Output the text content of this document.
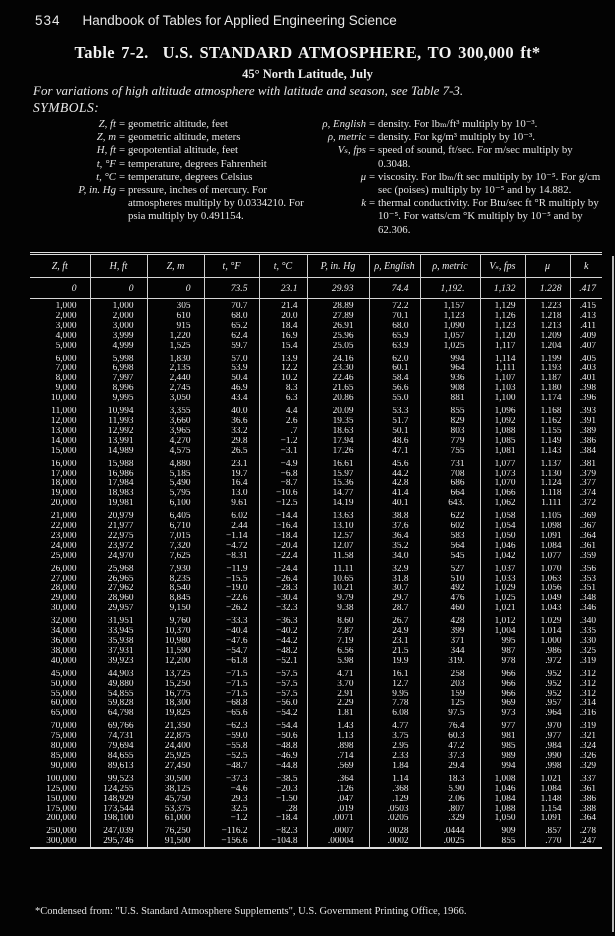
534 Handbook of Tables for Applied Engineering Science
Table 7-2. U.S. STANDARD ATMOSPHERE, TO 300,000 ft*
45° North Latitude, July
For variations of high altitude atmosphere with latitude and season, see Table 7-3.
SYMBOLS:
Z, ft = geometric altitude, feet
Z, m = geometric altitude, meters
H, ft = geopotential altitude, feet
t, °F = temperature, degrees Fahrenheit
t, °C = temperature, degrees Celsius
P, in. Hg = pressure, inches of mercury. For atmospheres multiply by 0.0334210. For psia multiply by 0.491154.
ρ, English = density. For lbₘ/ft³ multiply by 10⁻³.
ρ, metric = density. For kg/m³ multiply by 10⁻³.
Vₛ, fps = speed of sound, ft/sec. For m/sec multiply by 0.3048.
μ = viscosity. For lbₘ/ft sec multiply by 10⁻⁵. For g/cm sec (poises) multiply by 10⁻⁵ and by 14.882.
k = thermal conductivity. For Btu/sec ft °R multiply by 10⁻⁵. For watts/cm °K multiply by 10⁻⁵ and by 62.306.
Z, ft	H, ft	Z, m	t, °F	t, °C	P, in. Hg	ρ, English	ρ, metric	Vₛ, fps	μ	k
0	0	0	73.5	23.1	29.93	74.4	1,192.	1,132	1.228	.417

1,000	1,000	305	70.7	21.4	28.89	72.2	1,157	1,129	1.223	.415
2,000	2,000	610	68.0	20.0	27.89	70.1	1,123	1,126	1.218	.413
3,000	3,000	915	65.2	18.4	26.91	68.0	1,090	1,123	1.213	.411
4,000	3,999	1,220	62.4	16.9	25.96	65.9	1,057	1,120	1.209	.409
5,000	4,999	1,525	59.7	15.4	25.05	63.9	1,025	1,117	1.204	.407

6,000	5,998	1,830	57.0	13.9	24.16	62.0	994	1,114	1.199	.405
7,000	6,998	2,135	53.9	12.2	23.30	60.1	964	1,111	1.193	.403
8,000	7,997	2,440	50.4	10.2	22.46	58.4	936	1,107	1.187	.401
9,000	8,996	2,745	46.9	8.3	21.65	56.6	908	1,103	1.180	.398
10,000	9,995	3,050	43.4	6.3	20.86	55.0	881	1,100	1.174	.396

11,000	10,994	3,355	40.0	4.4	20.09	53.3	855	1,096	1.168	.393
12,000	11,993	3,660	36.6	2.6	19.35	51.7	829	1,092	1.162	.391
13,000	12,992	3,965	33.2	.7	18.63	50.1	803	1,088	1.155	.389
14,000	13,991	4,270	29.8	−1.2	17.94	48.6	779	1,085	1.149	.386
15,000	14,989	4,575	26.5	−3.1	17.26	47.1	755	1,081	1.143	.384

16,000	15,988	4,880	23.1	−4.9	16.61	45.6	731	1,077	1.137	.381
17,000	16,986	5,185	19.7	−6.8	15.97	44.2	708	1,073	1.130	.379
18,000	17,984	5,490	16.4	−8.7	15.36	42.8	686	1,070	1.124	.377
19,000	18,983	5,795	13.0	−10.6	14.77	41.4	664	1,066	1.118	.374
20,000	19,981	6,100	9.61	−12.5	14.19	40.1	643.	1,062	1.111	.372

21,000	20,979	6,405	6.02	−14.4	13.63	38.8	622	1,058	1.105	.369
22,000	21,977	6,710	2.44	−16.4	13.10	37.6	602	1,054	1.098	.367
23,000	22,975	7,015	−1.14	−18.4	12.57	36.4	583	1,050	1.091	.364
24,000	23,972	7,320	−4.72	−20.4	12.07	35.2	564	1,046	1.084	.361
25,000	24,970	7,625	−8.31	−22.4	11.58	34.0	545	1,042	1.077	.359

26,000	25,968	7,930	−11.9	−24.4	11.11	32.9	527	1,037	1.070	.356
27,000	26,965	8,235	−15.5	−26.4	10.65	31.8	510	1,033	1.063	.353
28,000	27,962	8,540	−19.0	−28.3	10.21	30.7	492	1,029	1.056	.351
29,000	28,960	8,845	−22.6	−30.4	9.79	29.7	476	1,025	1.049	.348
30,000	29,957	9,150	−26.2	−32.3	9.38	28.7	460	1,021	1.043	.346

32,000	31,951	9,760	−33.3	−36.3	8.60	26.7	428	1,012	1.029	.340
34,000	33,945	10,370	−40.4	−40.2	7.87	24.9	399	1,004	1.014	.335
36,000	35,938	10,980	−47.6	−44.2	7.19	23.1	371	995	1.000	.330
38,000	37,931	11,590	−54.7	−48.2	6.56	21.5	344	987	.986	.325
40,000	39,923	12,200	−61.8	−52.1	5.98	19.9	319.	978	.972	.319

45,000	44,903	13,725	−71.5	−57.5	4.71	16.1	258	966	.952	.312
50,000	49,880	15,250	−71.5	−57.5	3.70	12.7	203	966	.952	.312
55,000	54,855	16,775	−71.5	−57.5	2.91	9.95	159	966	.952	.312
60,000	59,828	18,300	−68.8	−56.0	2.29	7.78	125	969	.957	.314
65,000	64,798	19,825	−65.6	−54.2	1.81	6.08	97.5	973	.964	.316

70,000	69,766	21,350	−62.3	−54.4	1.43	4.77	76.4	977	.970	.319
75,000	74,731	22,875	−59.0	−50.6	1.13	3.75	60.3	981	.977	.321
80,000	79,694	24,400	−55.8	−48.8	.898	2.95	47.2	985	.984	.324
85,000	84,655	25,925	−52.5	−46.9	.714	2.33	37.3	989	.990	.326
90,000	89,613	27,450	−48.7	−44.8	.569	1.84	29.4	994	.998	.329

100,000	99,523	30,500	−37.3	−38.5	.364	1.14	18.3	1,008	1.021	.337
125,000	124,255	38,125	−4.6	−20.3	.126	.368	5.90	1,046	1.084	.361
150,000	148,929	45,750	29.3	−1.50	.047	.129	2.06	1,084	1.148	.386
175,000	173,544	53,375	32.5	.28	.019	.0503	.807	1,088	1.154	.388
200,000	198,100	61,000	−1.2	−18.4	.0071	.0205	.329	1,050	1.091	.364

250,000	247,039	76,250	−116.2	−82.3	.0007	.0028	.0444	909	.857	.278
300,000	295,746	91,500	−156.6	−104.8	.00004	.0002	.0025	855	.770	.247
*Condensed from: "U.S. Standard Atmosphere Supplements", U.S. Government Printing Office, 1966.
